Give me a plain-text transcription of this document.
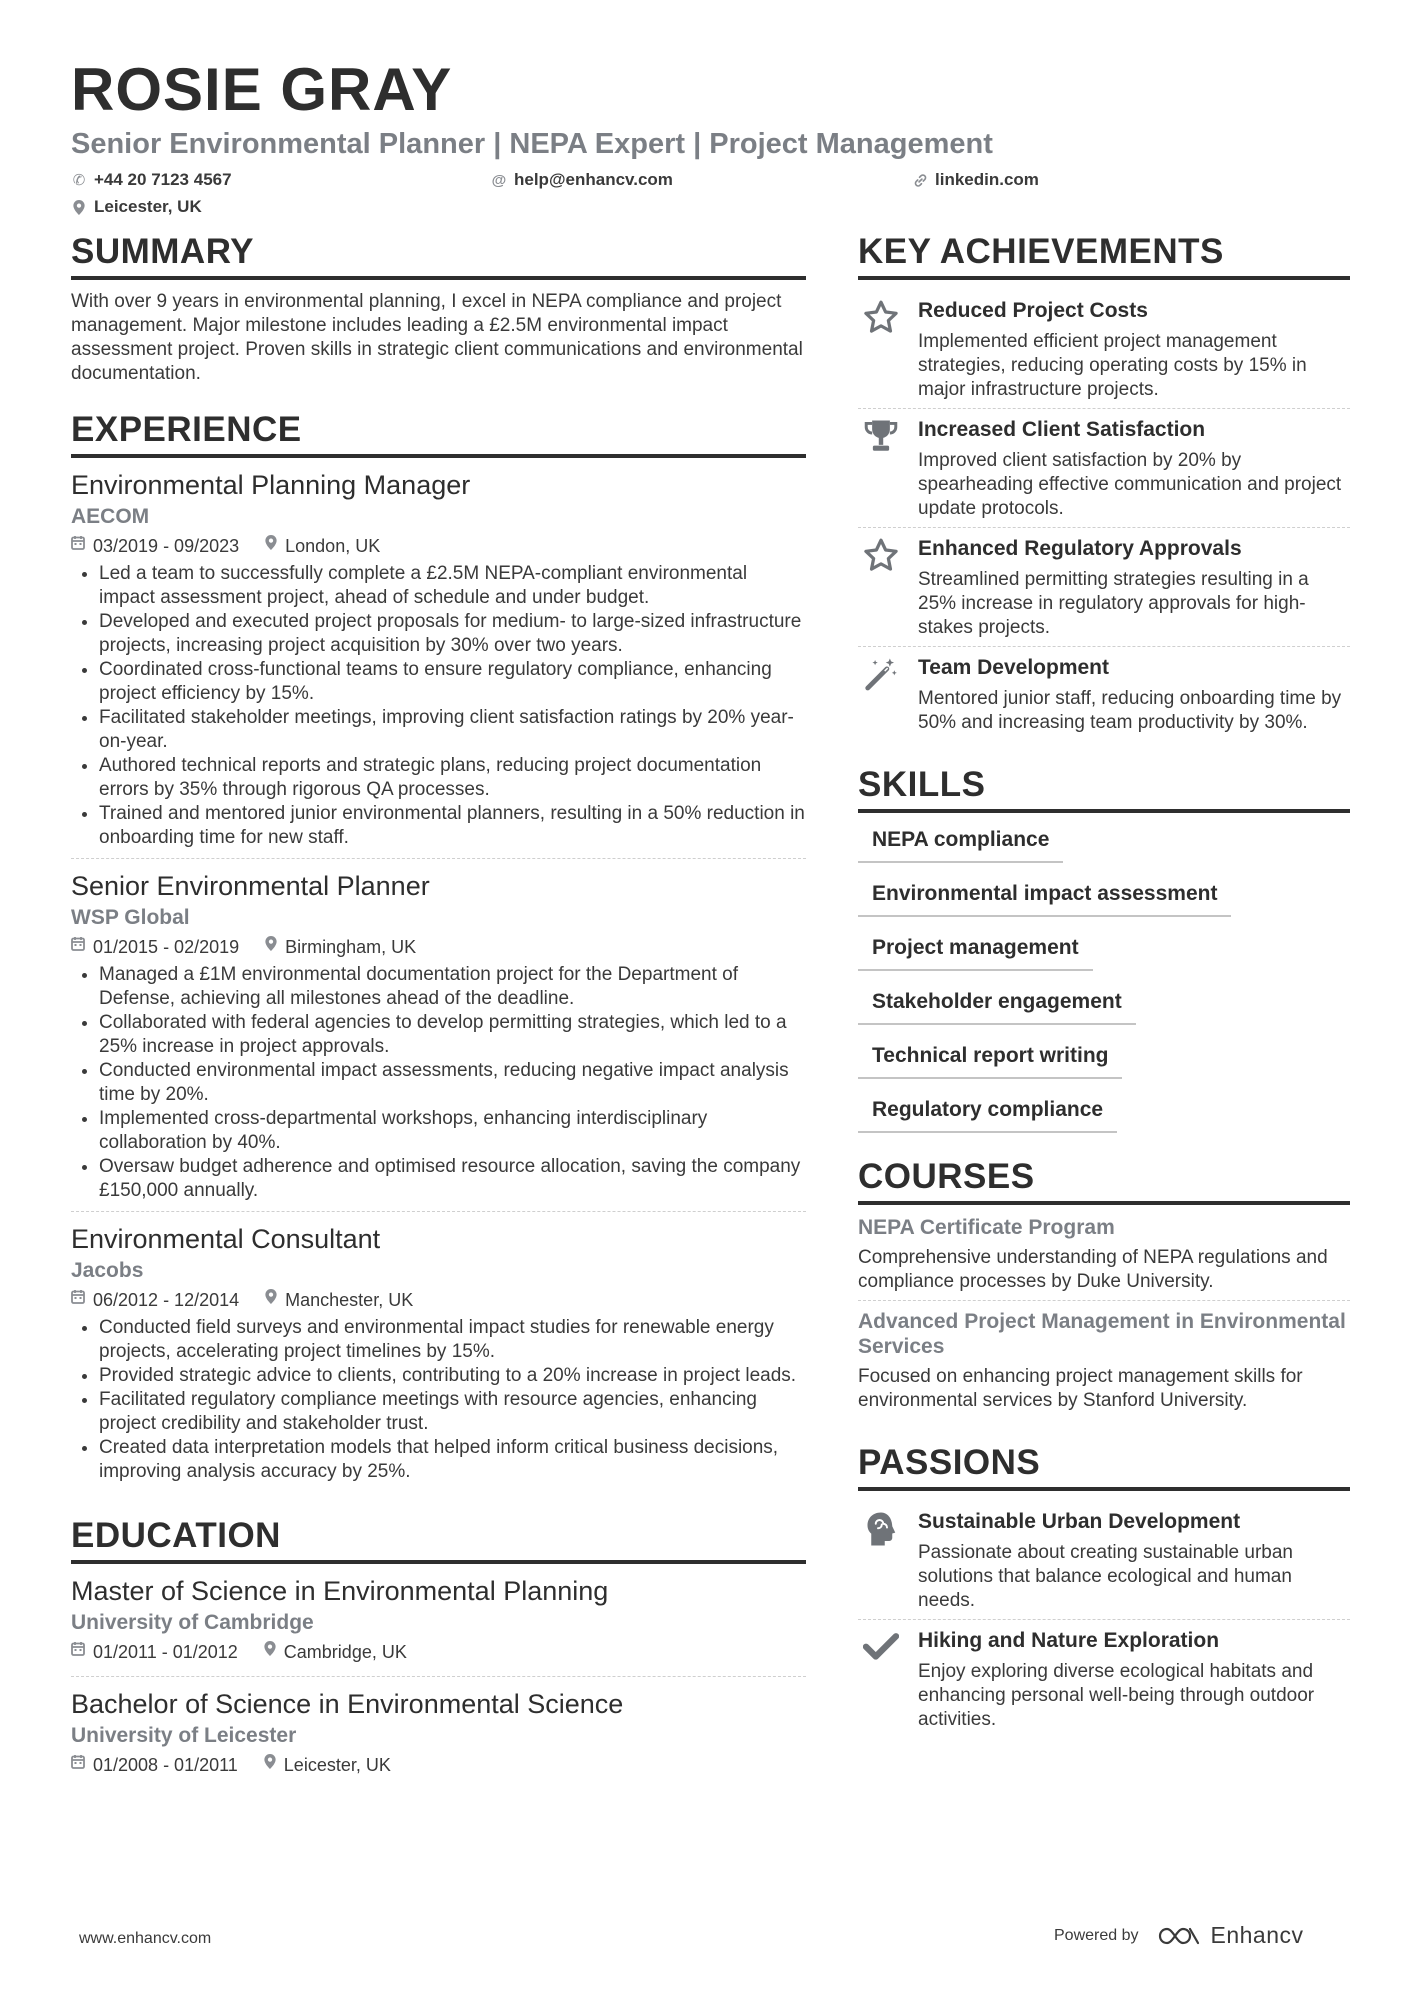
ROSIE GRAY
Senior Environmental Planner | NEPA Expert | Project Management
✆ +44 20 7123 4567	@ help@enhancv.com	linkedin.com
Leicester, UK
SUMMARY

With over 9 years in environmental planning, I excel in NEPA compliance and project management. Major milestone includes leading a £2.5M environmental impact assessment project. Proven skills in strategic client communications and environmental documentation.

EXPERIENCE
Environmental Planning Manager
AECOM
03/2019 - 09/2023	London, UK
• Led a team to successfully complete a £2.5M NEPA-compliant environmental impact assessment project, ahead of schedule and under budget.
• Developed and executed project proposals for medium- to large-sized infrastructure projects, increasing project acquisition by 30% over two years.
• Coordinated cross-functional teams to ensure regulatory compliance, enhancing project efficiency by 15%.
• Facilitated stakeholder meetings, improving client satisfaction ratings by 20% year-on-year.
• Authored technical reports and strategic plans, reducing project documentation errors by 35% through rigorous QA processes.
• Trained and mentored junior environmental planners, resulting in a 50% reduction in onboarding time for new staff.
Senior Environmental Planner
WSP Global
01/2015 - 02/2019	Birmingham, UK
• Managed a £1M environmental documentation project for the Department of Defense, achieving all milestones ahead of the deadline.
• Collaborated with federal agencies to develop permitting strategies, which led to a 25% increase in project approvals.
• Conducted environmental impact assessments, reducing negative impact analysis time by 20%.
• Implemented cross-departmental workshops, enhancing interdisciplinary collaboration by 40%.
• Oversaw budget adherence and optimised resource allocation, saving the company £150,000 annually.
Environmental Consultant
Jacobs
06/2012 - 12/2014	Manchester, UK
• Conducted field surveys and environmental impact studies for renewable energy projects, accelerating project timelines by 15%.
• Provided strategic advice to clients, contributing to a 20% increase in project leads.
• Facilitated regulatory compliance meetings with resource agencies, enhancing project credibility and stakeholder trust.
• Created data interpretation models that helped inform critical business decisions, improving analysis accuracy by 25%.
EDUCATION
Master of Science in Environmental Planning
University of Cambridge
01/2011 - 01/2012	Cambridge, UK
Bachelor of Science in Environmental Science
University of Leicester
01/2008 - 01/2011	Leicester, UK
KEY ACHIEVEMENTS
Reduced Project Costs
Implemented efficient project management strategies, reducing operating costs by 15% in major infrastructure projects.
Increased Client Satisfaction
Improved client satisfaction by 20% by spearheading effective communication and project update protocols.
Enhanced Regulatory Approvals
Streamlined permitting strategies resulting in a 25% increase in regulatory approvals for high-stakes projects.
Team Development
Mentored junior staff, reducing onboarding time by 50% and increasing team productivity by 30%.
SKILLS
NEPA compliance
Environmental impact assessment
Project management
Stakeholder engagement
Technical report writing
Regulatory compliance
COURSES
NEPA Certificate Program
Comprehensive understanding of NEPA regulations and compliance processes by Duke University.
Advanced Project Management in Environmental Services
Focused on enhancing project management skills for environmental services by Stanford University.
PASSIONS
Sustainable Urban Development
Passionate about creating sustainable urban solutions that balance ecological and human needs.
Hiking and Nature Exploration
Enjoy exploring diverse ecological habitats and enhancing personal well-being through outdoor activities.
www.enhancv.com	Powered by	Enhancv
